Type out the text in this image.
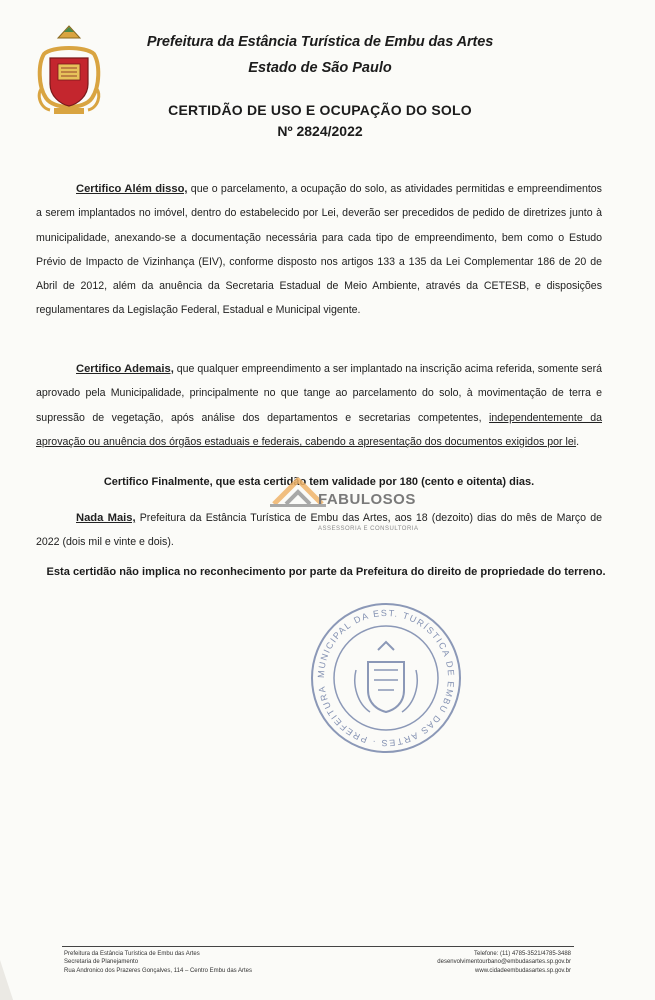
Prefeitura da Estância Turística de Embu das Artes
Estado de São Paulo
CERTIDÃO DE USO E OCUPAÇÃO DO SOLO
Nº 2824/2022
Certifico Além disso, que o parcelamento, a ocupação do solo, as atividades permitidas e empreendimentos a serem implantados no imóvel, dentro do estabelecido por Lei, deverão ser precedidos de pedido de diretrizes junto à municipalidade, anexando-se a documentação necessária para cada tipo de empreendimento, bem como o Estudo Prévio de Impacto de Vizinhança (EIV), conforme disposto nos artigos 133 a 135 da Lei Complementar 186 de 20 de Abril de 2012, além da anuência da Secretaria Estadual de Meio Ambiente, através da CETESB, e disposições regulamentares da Legislação Federal, Estadual e Municipal vigente.
Certifico Ademais, que qualquer empreendimento a ser implantado na inscrição acima referida, somente será aprovado pela Municipalidade, principalmente no que tange ao parcelamento do solo, à movimentação de terra e supressão de vegetação, após análise dos departamentos e secretarias competentes, independentemente da aprovação ou anuência dos órgãos estaduais e federais, cabendo a apresentação dos documentos exigidos por lei.
Certifico Finalmente, que esta certidão tem validade por 180 (cento e oitenta) dias.
FABULOSOS
ASSESSORIA E CONSULTORIA
Nada Mais, Prefeitura da Estância Turística de Embu das Artes, aos 18 (dezoito) dias do mês de Março de 2022 (dois mil e vinte e dois).
Esta certidão não implica no reconhecimento por parte da Prefeitura do direito de propriedade do terreno.
MUNICIPAL DA EST. TURÍSTICA DE EMBU DAS ARTES · PREFEITURA
Prefeitura da Estância Turística de Embu das Artes
Secretaria de Planejamento
Rua Andronico dos Prazeres Gonçalves, 114 – Centro Embu das Artes
Telefone: (11) 4785-3521/4785-3488
desenvolvimentourbano@embudasartes.sp.gov.br
www.cidadeembudasartes.sp.gov.br
